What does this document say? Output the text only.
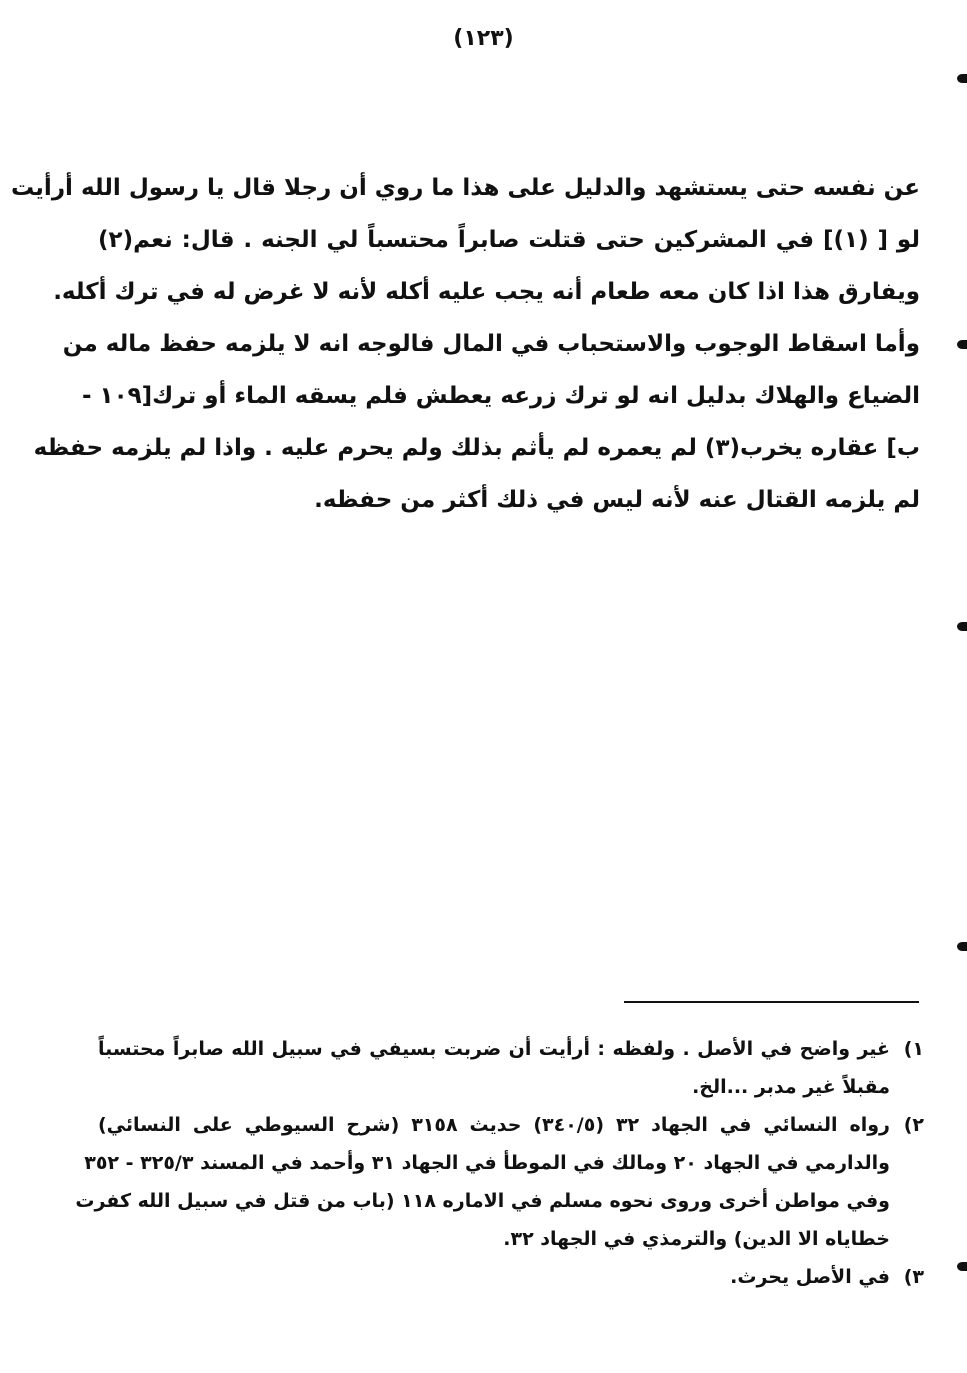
(١٢٣)
عن نفسه حتى يستشهد والدليل على هذا ما روي أن رجلا قال يا رسول الله أرأيت
لو [ (١)] في المشركين حتى قتلت صابراً محتسباً لي الجنه . قال: نعم(٢)
ويفارق هذا اذا كان معه طعام أنه يجب عليه أكله لأنه لا غرض له في ترك أكله.
وأما اسقاط الوجوب والاستحباب في المال فالوجه انه لا يلزمه حفظ ماله من
الضياع والهلاك بدليل انه لو ترك زرعه يعطش فلم يسقه الماء أو ترك[١٠٩ -
ب] عقاره يخرب(٣) لم يعمره لم يأثم بذلك ولم يحرم عليه . واذا لم يلزمه حفظه
لم يلزمه القتال عنه لأنه ليس في ذلك أكثر من حفظه.
١)
غير واضح في الأصل . ولفظه : أرأيت أن ضربت بسيفي في سبيل الله صابراً محتسباً
مقبلاً غير مدبر ...الخ.
٢)
رواه النسائي في الجهاد ٣٢ (٣٤٠/٥) حديث ٣١٥٨ (شرح السيوطي على النسائي)
والدارمي في الجهاد ٢٠ ومالك في الموطأ في الجهاد ٣١ وأحمد في المسند ٣٢٥/٣ - ٣٥٢
وفي مواطن أخرى وروى نحوه مسلم في الاماره ١١٨ (باب من قتل في سبيل الله كفرت
خطاياه الا الدين) والترمذي في الجهاد ٣٢.
٣)
في الأصل يحرث.
